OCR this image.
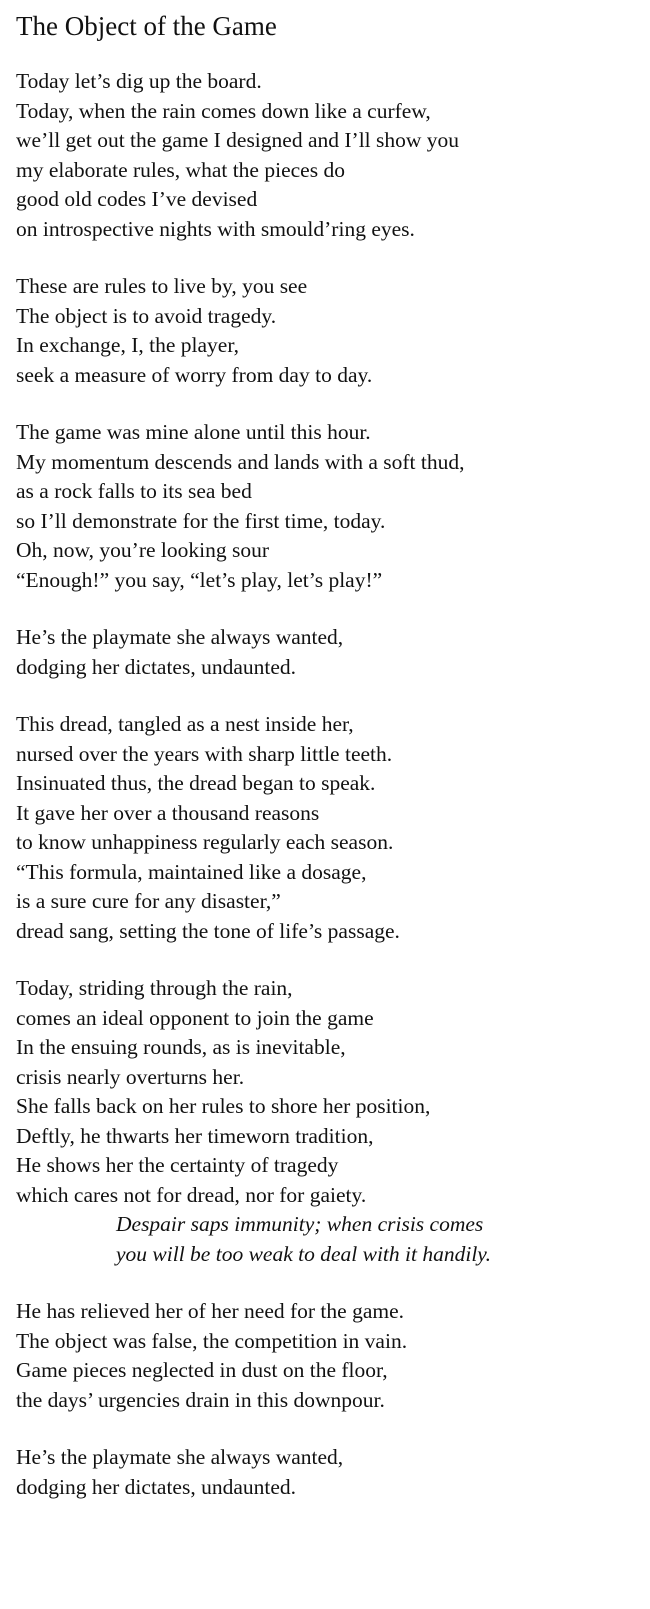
The Object of the Game
Today let’s dig up the board.
Today, when the rain comes down like a curfew,
we’ll get out the game I designed and I’ll show you
my elaborate rules, what the pieces do
good old codes I’ve devised
on introspective nights with smould’ring eyes.
These are rules to live by, you see
The object is to avoid tragedy.
In exchange, I, the player,
seek a measure of worry from day to day.
The game was mine alone until this hour.
My momentum descends and lands with a soft thud,
as a rock falls to its sea bed
so I’ll demonstrate for the first time, today.
Oh, now, you’re looking sour
“Enough!” you say, “let’s play, let’s play!”
He’s the playmate she always wanted,
dodging her dictates, undaunted.
This dread, tangled as a nest inside her,
nursed over the years with sharp little teeth.
Insinuated thus, the dread began to speak.
It gave her over a thousand reasons
to know unhappiness regularly each season.
“This formula, maintained like a dosage,
is a sure cure for any disaster,”
dread sang, setting the tone of life’s passage.
Today, striding through the rain,
comes an ideal opponent to join the game
In the ensuing rounds, as is inevitable,
crisis nearly overturns her.
She falls back on her rules to shore her position,
Deftly, he thwarts her timeworn tradition,
He shows her the certainty of tragedy
which cares not for dread, nor for gaiety.
Despair saps immunity; when crisis comes
you will be too weak to deal with it handily.
He has relieved her of her need for the game.
The object was false, the competition in vain.
Game pieces neglected in dust on the floor,
the days’ urgencies drain in this downpour.
He’s the playmate she always wanted,
dodging her dictates, undaunted.
